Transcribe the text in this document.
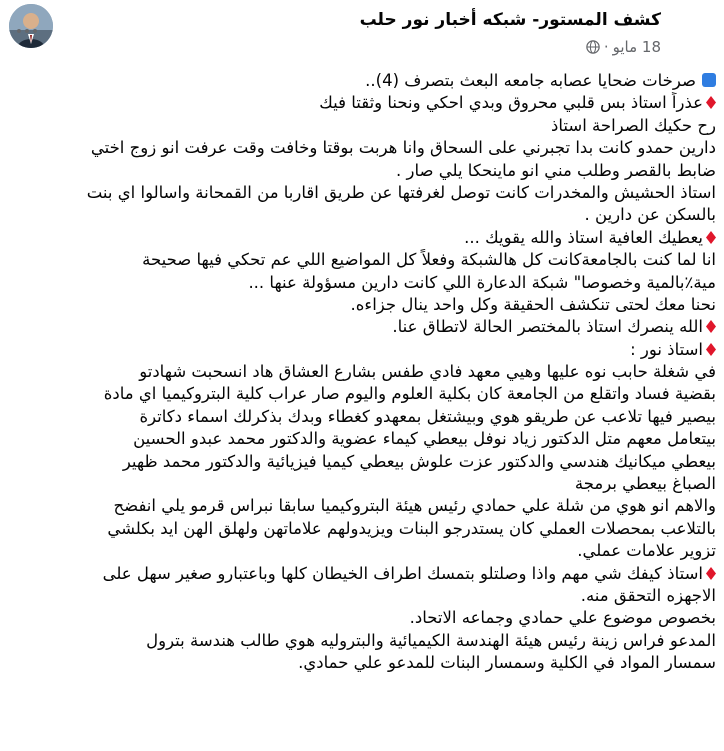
كشف المستور- شبكه أخبار نور حلب
18 مايو
·
صرخات ضحايا عصابه جامعه البعث بتصرف (4)..
عذراً استاذ بس قلبي محروق وبدي احكي ونحنا وثقتا فيك
رح حكيك الصراحة استاذ
دارين حمدو كانت بدا تجبرني على السحاق وانا هربت بوقتا وخافت وقت عرفت انو زوج اختي
ضابط بالقصر وطلب مني انو ماينحكا يلي صار .
استاذ الحشيش والمخدرات كانت توصل لغرفتها عن طريق اقاربا من القمحانة واسالوا اي بنت
بالسكن عن دارين .
يعطيك العافية استاذ والله يقويك ...
انا لما كنت بالجامعةكانت كل هالشبكة وفعلاً كل المواضيع اللي عم تحكي فيها صحيحة
مية٪بالمية وخصوصا" شبكة الدعارة اللي كانت دارين مسؤولة عنها ...
نحنا معك لحتى تنكشف الحقيقة وكل واحد ينال جزاءه.
الله ينصرك استاذ بالمختصر الحالة لاتطاق عنا.
استاذ نور :
في شغلة حابب نوه عليها وهيي معهد فادي طفس بشارع العشاق هاد انسحبت شهادتو
بقضية فساد واتقلع من الجامعة كان بكلية العلوم واليوم صار عراب كلية البتروكيميا اي مادة
بيصير فيها تلاعب عن طريقو هوي وبيشتغل بمعهدو كغطاء وبدك بذكرلك اسماء دكاترة
بيتعامل معهم متل الدكتور زياد نوفل بيعطي كيماء عضوية والدكتور محمد عبدو الحسين
بيعطي ميكانيك هندسي والدكتور عزت علوش بيعطي كيميا فيزيائية والدكتور محمد ظهير
الصباغ بيعطي برمجة
والاهم انو هوي من شلة علي حمادي رئيس هيئة البتروكيميا سابقا نبراس قرمو يلي انفضح
بالتلاعب بمحصلات العملي كان يستدرجو البنات ويزيدولهم علاماتهن ولهلق الهن ايد بكلشي
تزوير علامات عملي.
استاذ كيفك شي مهم واذا وصلتلو بتمسك اطراف الخيطان كلها وباعتبارو صغير سهل على
الاجهزه التحقق منه.
بخصوص موضوع علي حمادي وجماعه الاتحاد.
المدعو فراس زينة رئيس هيئة الهندسة الكيميائية والبتروليه هوي طالب هندسة بترول
سمسار المواد في الكلية وسمسار البنات للمدعو علي حمادي.
